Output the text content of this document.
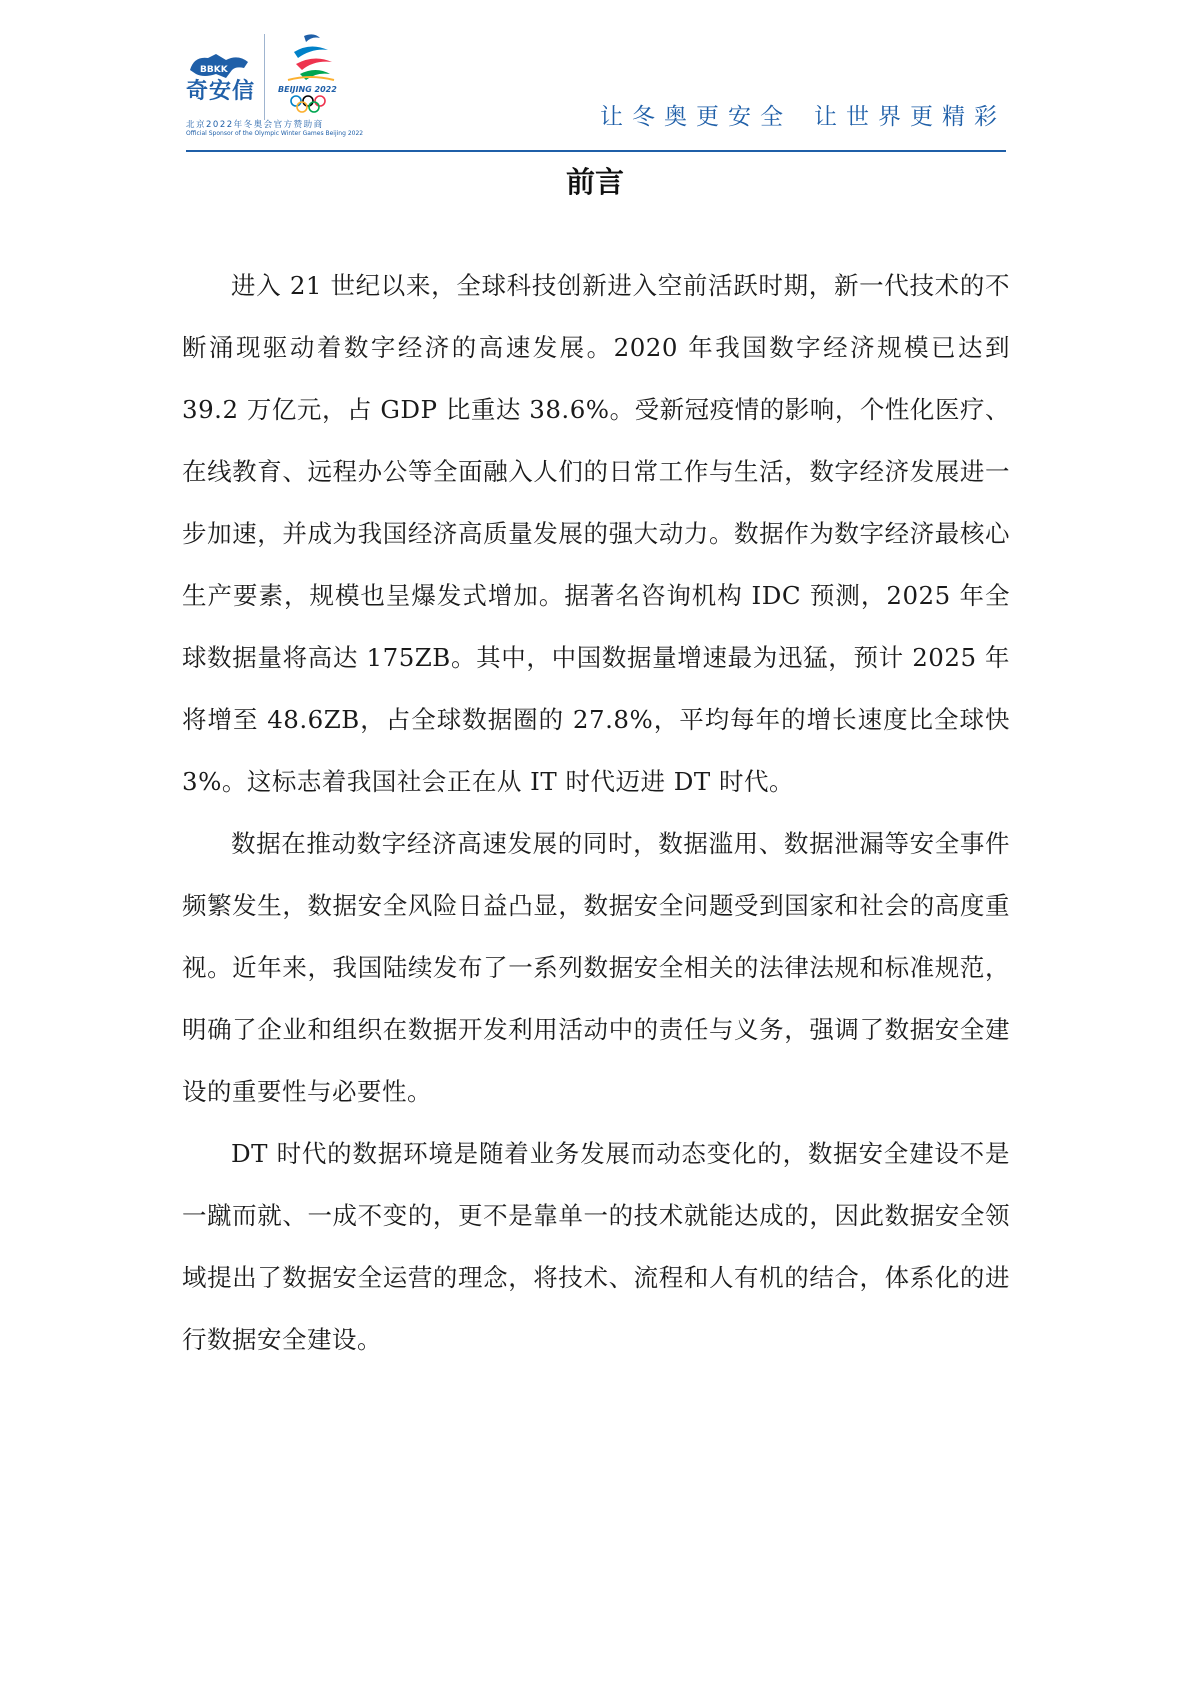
BBKK
奇安信	BEIJING 2022
北京2022年冬奥会官方赞助商
Official Sponsor of the Olympic Winter Games Beijing 2022
让冬奥更安全 让世界更精彩
前言

进入 21 世纪以来，全球科技创新进入空前活跃时期，新一代技术的不断涌现驱动着数字经济的高速发展。2020 年我国数字经济规模已达到 39.2 万亿元，占 GDP 比重达 38.6%。受新冠疫情的影响，个性化医疗、在线教育、远程办公等全面融入人们的日常工作与生活，数字经济发展进一步加速，并成为我国经济高质量发展的强大动力。数据作为数字经济最核心生产要素，规模也呈爆发式增加。据著名咨询机构 IDC 预测，2025 年全球数据量将高达 175ZB。其中，中国数据量增速最为迅猛，预计 2025 年将增至 48.6ZB，占全球数据圈的 27.8%，平均每年的增长速度比全球快 3%。这标志着我国社会正在从 IT 时代迈进 DT 时代。

数据在推动数字经济高速发展的同时，数据滥用、数据泄漏等安全事件频繁发生，数据安全风险日益凸显，数据安全问题受到国家和社会的高度重视。近年来，我国陆续发布了一系列数据安全相关的法律法规和标准规范，明确了企业和组织在数据开发利用活动中的责任与义务，强调了数据安全建设的重要性与必要性。

DT 时代的数据环境是随着业务发展而动态变化的，数据安全建设不是一蹴而就、一成不变的，更不是靠单一的技术就能达成的，因此数据安全领域提出了数据安全运营的理念，将技术、流程和人有机的结合，体系化的进行数据安全建设。
